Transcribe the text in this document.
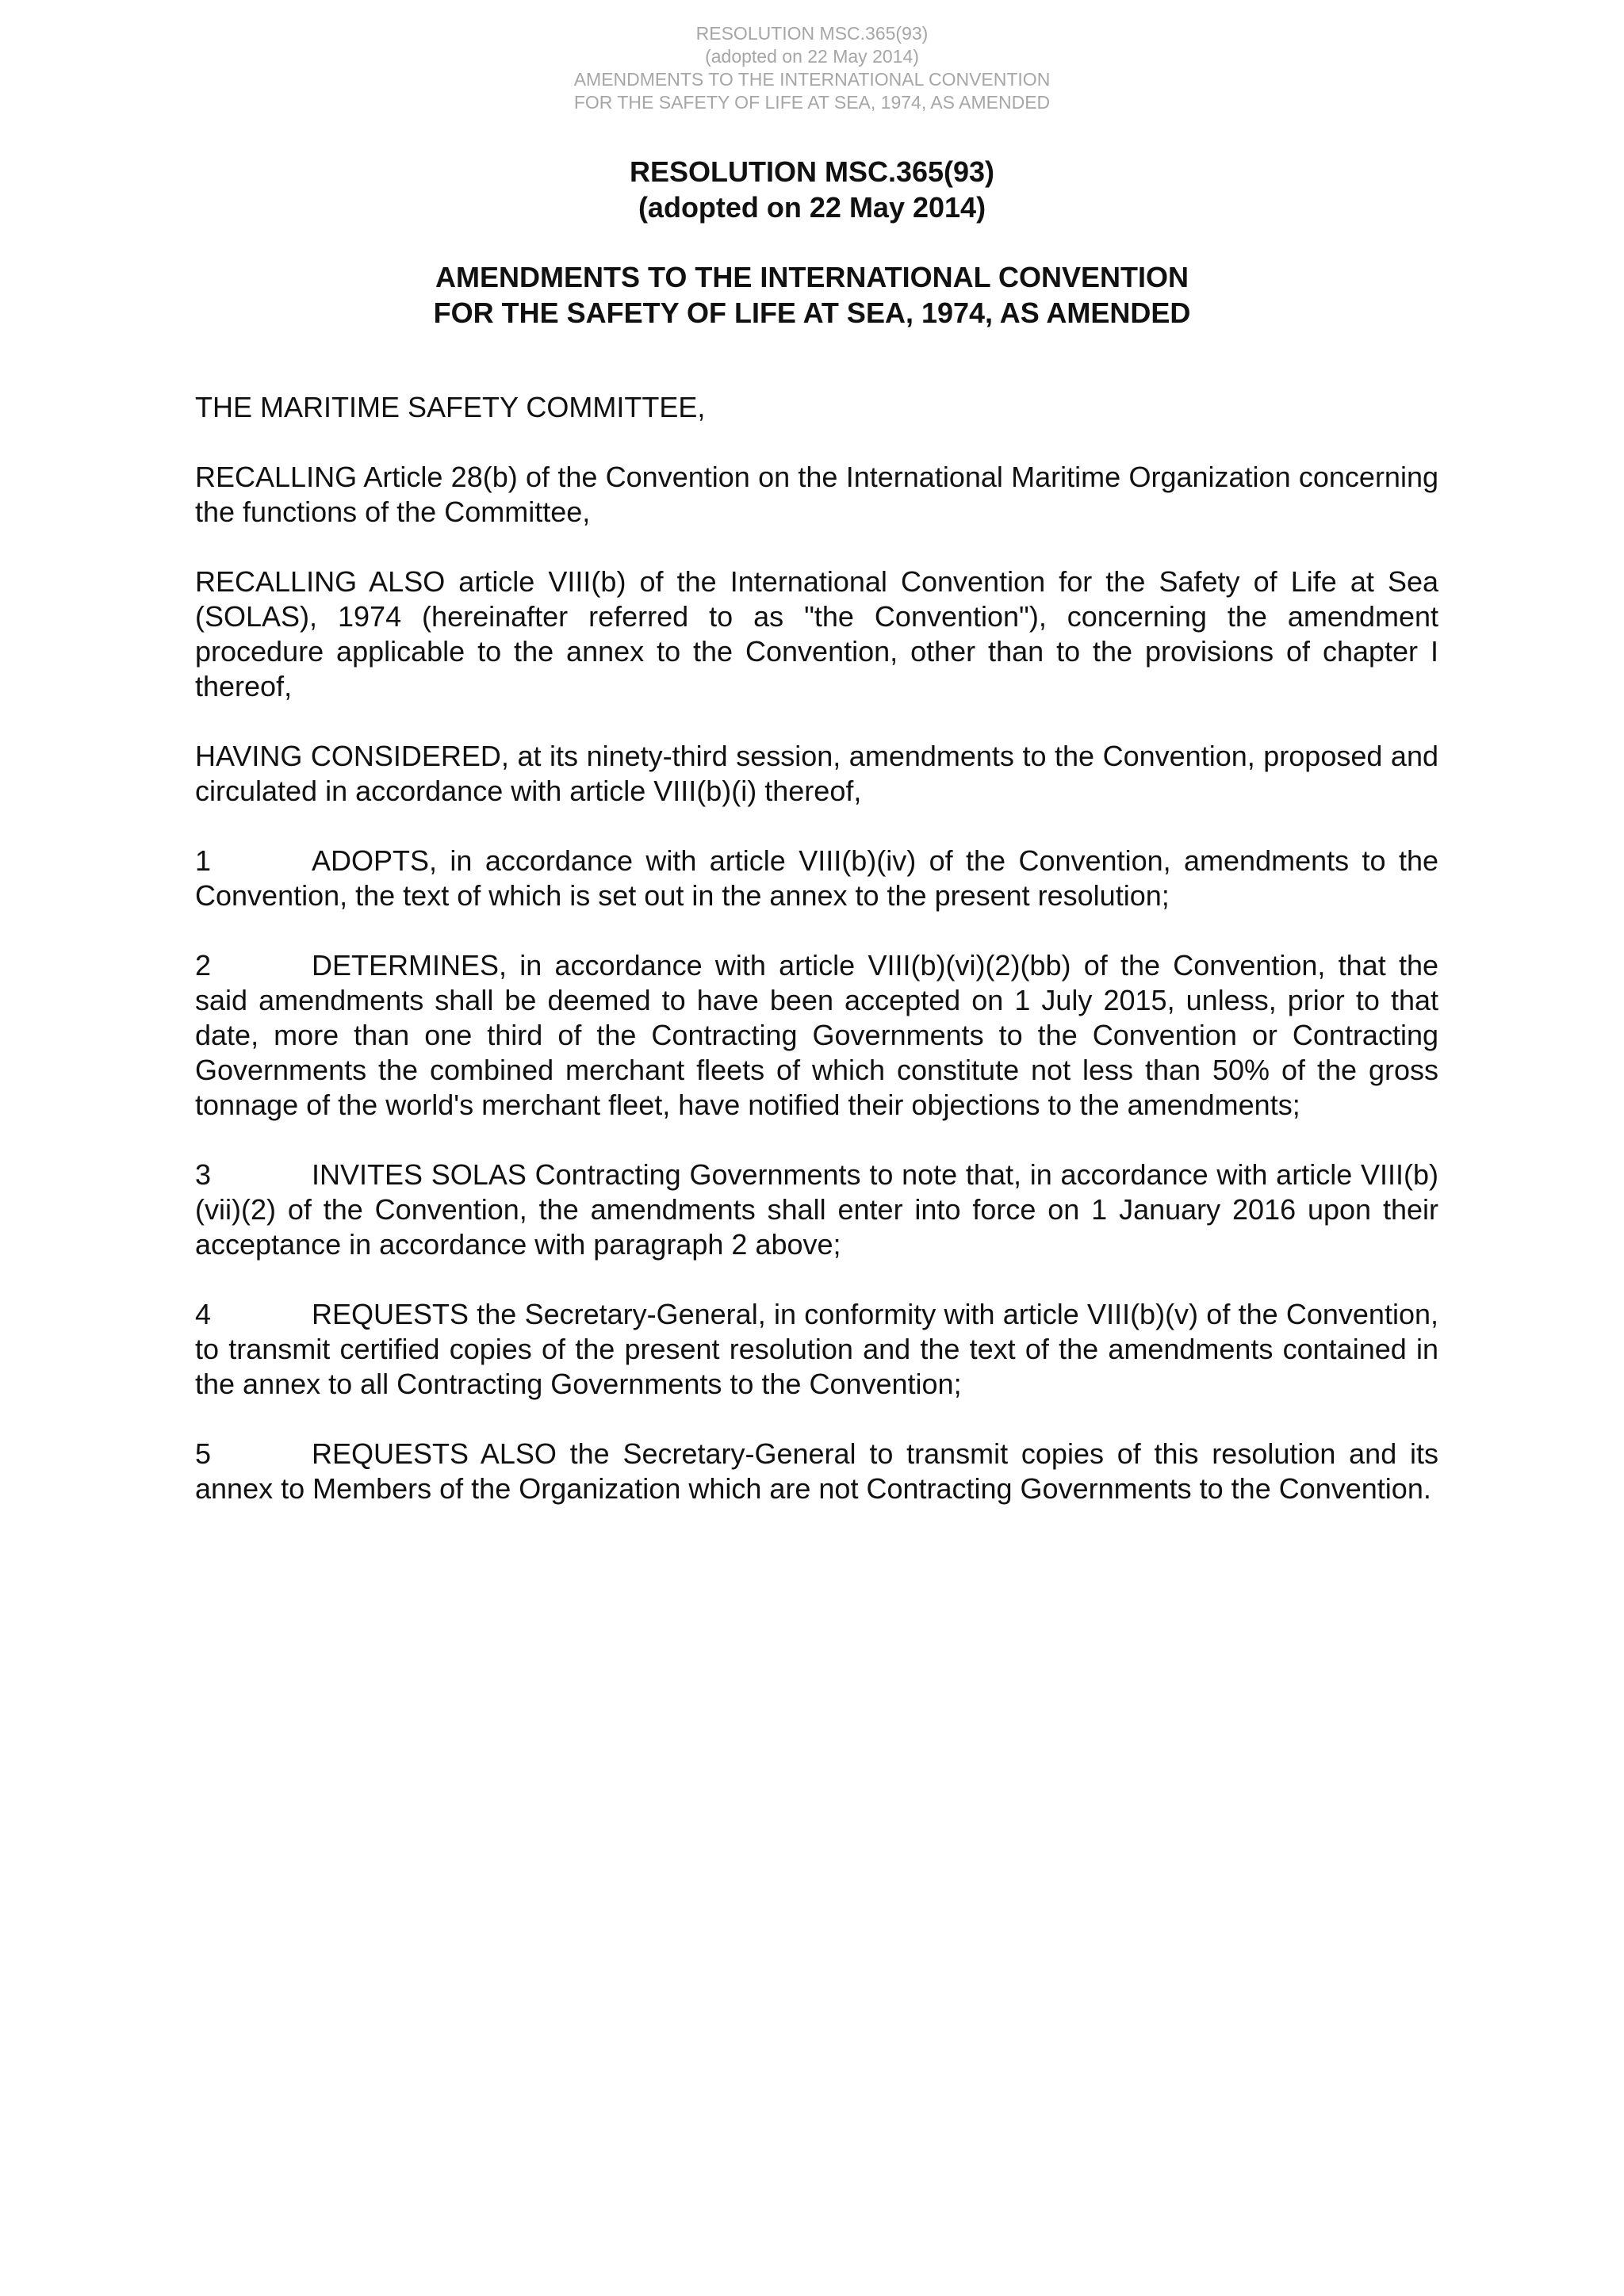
RESOLUTION MSC.365(93)
(adopted on 22 May 2014)
AMENDMENTS TO THE INTERNATIONAL CONVENTION
FOR THE SAFETY OF LIFE AT SEA, 1974, AS AMENDED
RESOLUTION MSC.365(93)
(adopted on 22 May 2014)
AMENDMENTS TO THE INTERNATIONAL CONVENTION
FOR THE SAFETY OF LIFE AT SEA, 1974, AS AMENDED

THE MARITIME SAFETY COMMITTEE,

RECALLING Article 28(b) of the Convention on the International Maritime Organization concerning the functions of the Committee,

RECALLING ALSO article VIII(b) of the International Convention for the Safety of Life at Sea (SOLAS), 1974 (hereinafter referred to as "the Convention"), concerning the amendment procedure applicable to the annex to the Convention, other than to the provisions of chapter I thereof,

HAVING CONSIDERED, at its ninety-third session, amendments to the Convention, proposed and circulated in accordance with article VIII(b)(i) thereof,

1	ADOPTS, in accordance with article VIII(b)(iv) of the Convention, amendments to the Convention, the text of which is set out in the annex to the present resolution;

2	DETERMINES, in accordance with article VIII(b)(vi)(2)(bb) of the Convention, that the said amendments shall be deemed to have been accepted on 1 July 2015, unless, prior to that date, more than one third of the Contracting Governments to the Convention or Contracting Governments the combined merchant fleets of which constitute not less than 50% of the gross tonnage of the world's merchant fleet, have notified their objections to the amendments;

3	INVITES SOLAS Contracting Governments to note that, in accordance with article VIII(b)(vii)(2) of the Convention, the amendments shall enter into force on 1 January 2016 upon their acceptance in accordance with paragraph 2 above;

4	REQUESTS the Secretary-General, in conformity with article VIII(b)(v) of the Convention, to transmit certified copies of the present resolution and the text of the amendments contained in the annex to all Contracting Governments to the Convention;

5	REQUESTS ALSO the Secretary-General to transmit copies of this resolution and its annex to Members of the Organization which are not Contracting Governments to the Convention.
